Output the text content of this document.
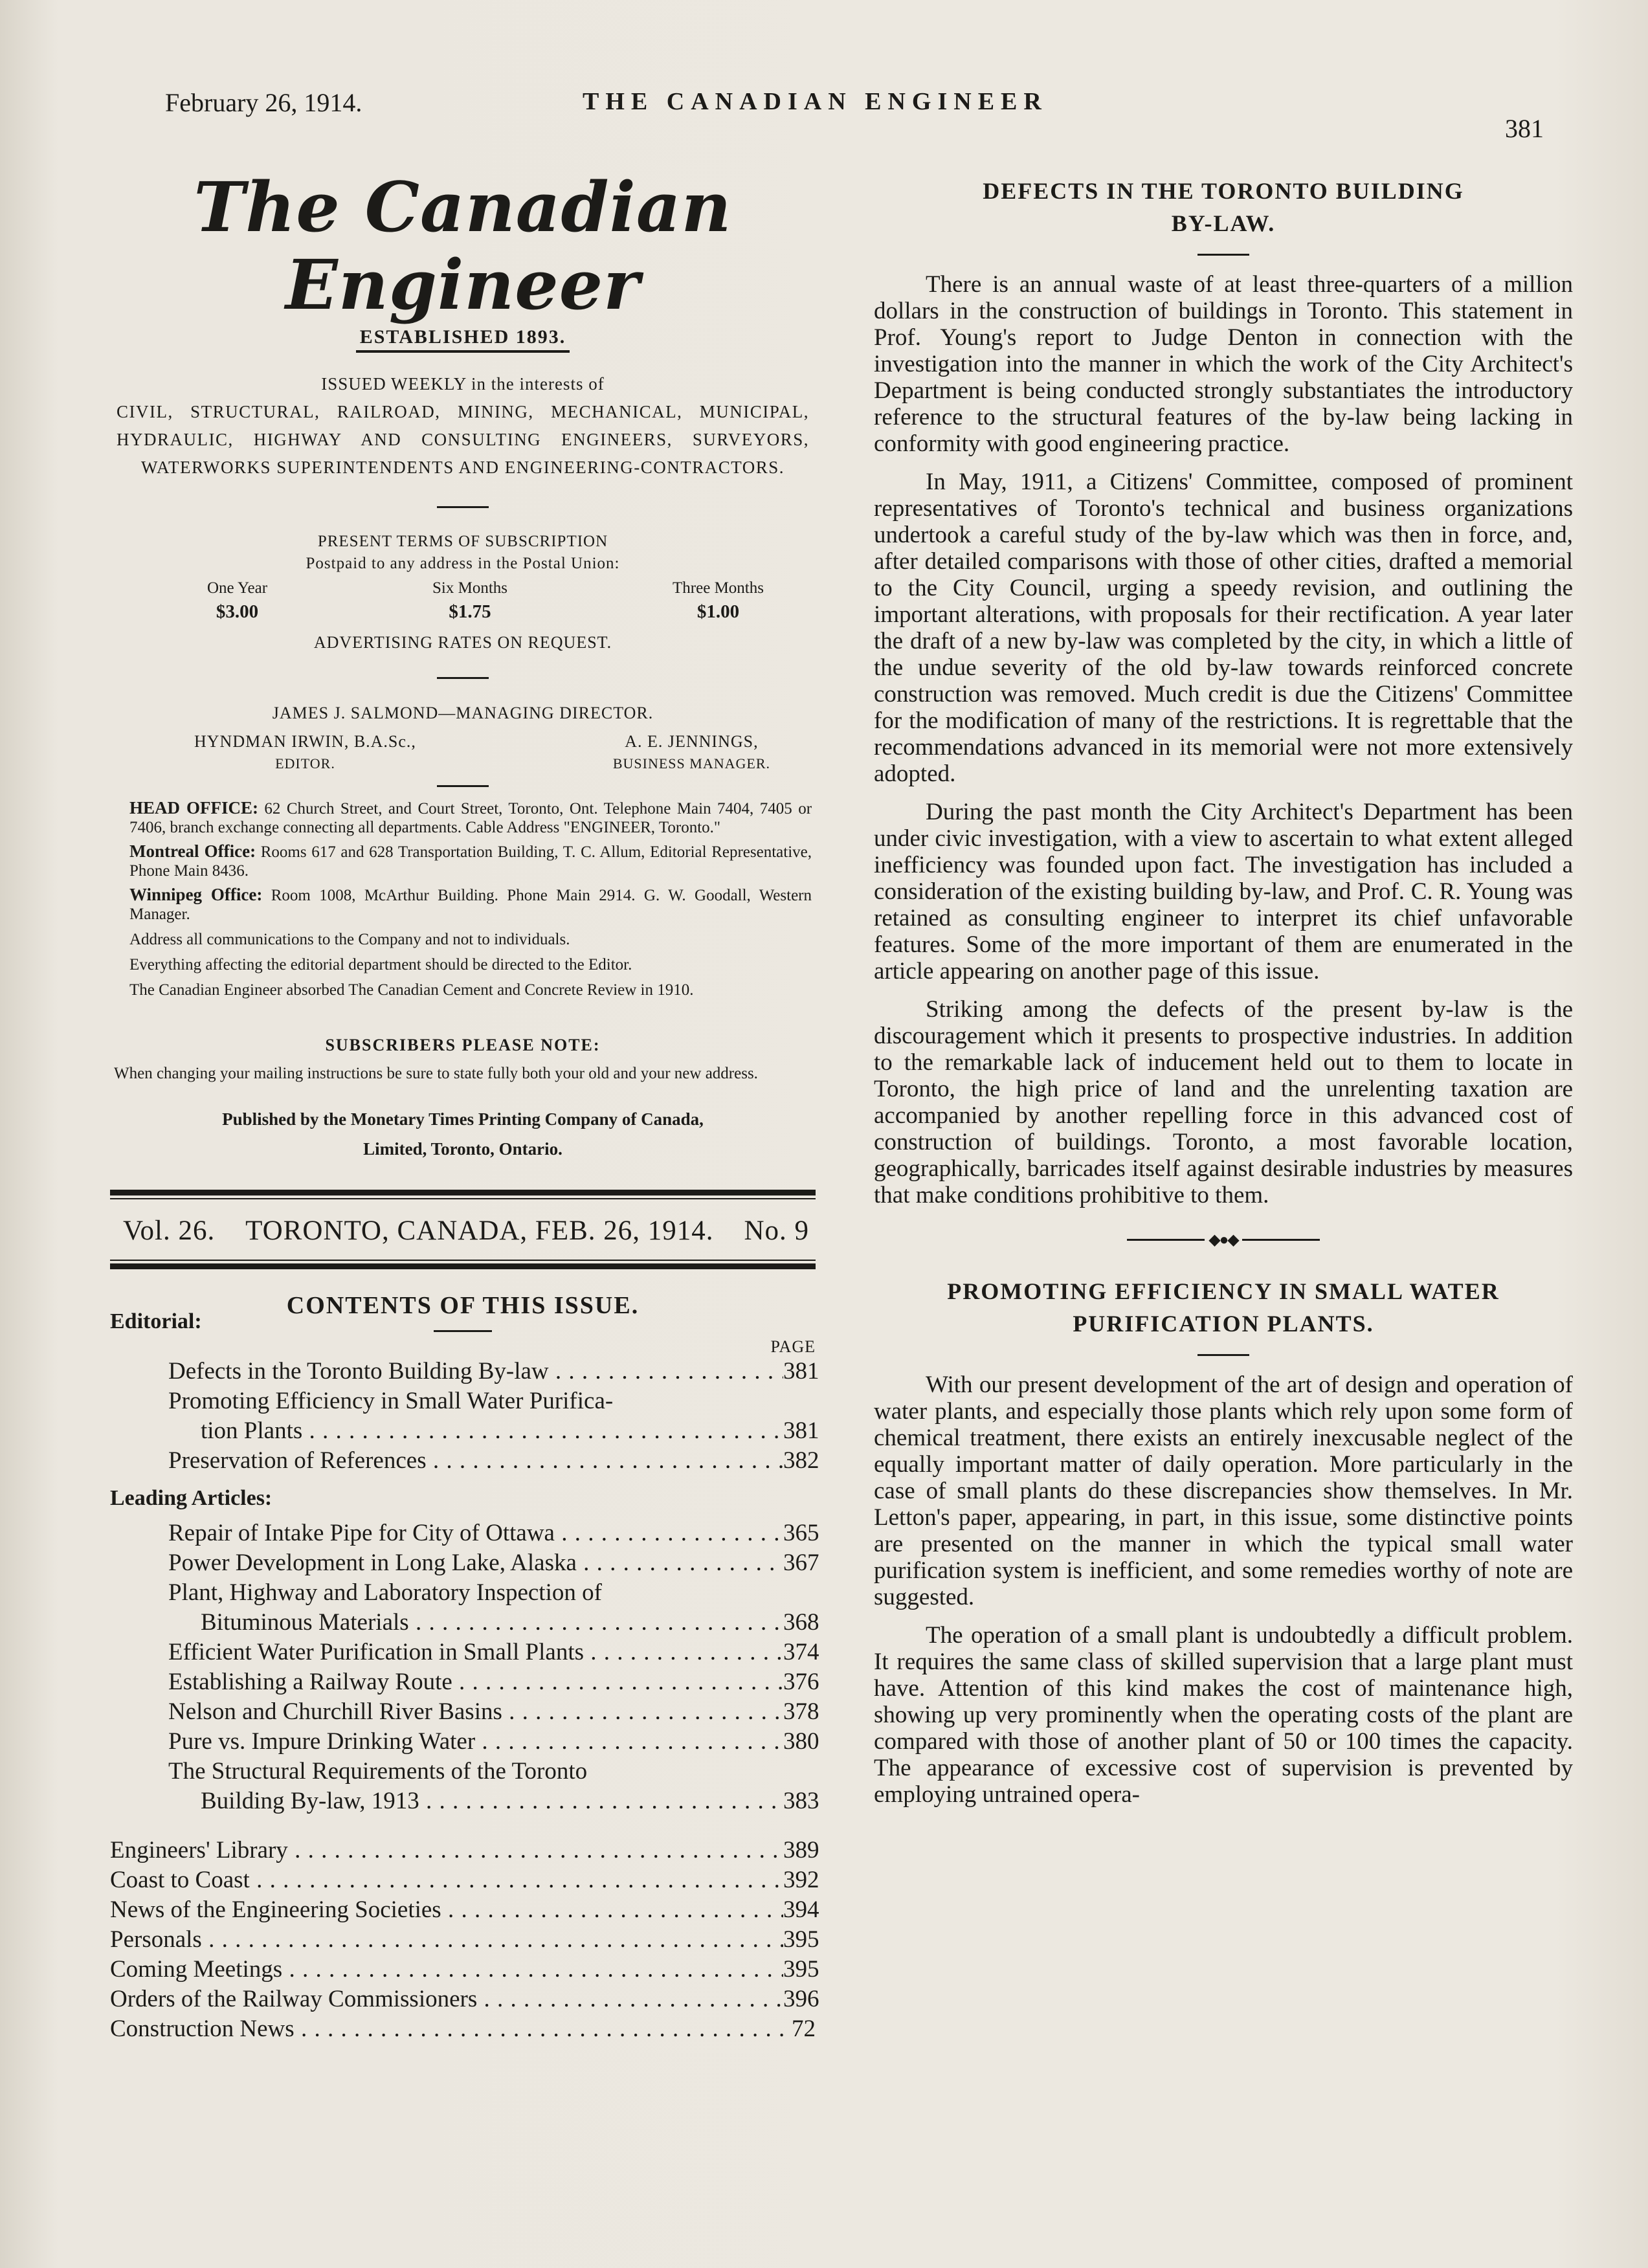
February 26, 1914.	THE CANADIAN ENGINEER
381
The Canadian Engineer
ESTABLISHED 1893.
ISSUED WEEKLY in the interests of
CIVIL, STRUCTURAL, RAILROAD, MINING, MECHANICAL, MUNICIPAL, HYDRAULIC, HIGHWAY AND CONSULTING ENGINEERS, SURVEYORS, WATERWORKS SUPERINTENDENTS AND ENGINEERING-CONTRACTORS.
PRESENT TERMS OF SUBSCRIPTION
Postpaid to any address in the Postal Union:
One Year
$3.00
Six Months
$1.75
Three Months
$1.00
ADVERTISING RATES ON REQUEST.
JAMES J. SALMOND—MANAGING DIRECTOR.
HYNDMAN IRWIN, B.A.Sc.,
EDITOR.
A. E. JENNINGS,
BUSINESS MANAGER.
HEAD OFFICE: 62 Church Street, and Court Street, Toronto, Ont. Telephone Main 7404, 7405 or 7406, branch exchange connecting all departments. Cable Address "ENGINEER, Toronto."
Montreal Office: Rooms 617 and 628 Transportation Building, T. C. Allum, Editorial Representative, Phone Main 8436.
Winnipeg Office: Room 1008, McArthur Building. Phone Main 2914. G. W. Goodall, Western Manager.
Address all communications to the Company and not to individuals.
Everything affecting the editorial department should be directed to the Editor.
The Canadian Engineer absorbed The Canadian Cement and Concrete Review in 1910.
SUBSCRIBERS PLEASE NOTE:
When changing your mailing instructions be sure to state fully both your old and your new address.
Published by the Monetary Times Printing Company of Canada,
Limited, Toronto, Ontario.
Vol. 26. TORONTO, CANADA, FEB. 26, 1914. No. 9
CONTENTS OF THIS ISSUE.
Editorial:
PAGE
Defects in the Toronto Building By-law . . .	381
Promoting Efficiency in Small Water Purifica-
tion Plants . . .	381
Preservation of References . . .	382
Leading Articles:
Repair of Intake Pipe for City of Ottawa . . .	365
Power Development in Long Lake, Alaska . . .	367
Plant, Highway and Laboratory Inspection of
Bituminous Materials . . .	368
Efficient Water Purification in Small Plants . . .	374
Establishing a Railway Route . . .	376
Nelson and Churchill River Basins . . .	378
Pure vs. Impure Drinking Water . . .	380
The Structural Requirements of the Toronto
Building By-law, 1913 . . .	383
Engineers' Library . . .	389
Coast to Coast . . .	392
News of the Engineering Societies . . .	394
Personals . . .	395
Coming Meetings . . .	395
Orders of the Railway Commissioners . . .	396
Construction News . . .	72
DEFECTS IN THE TORONTO BUILDING
BY-LAW.

There is an annual waste of at least three-quarters of a million dollars in the construction of buildings in Toronto. This statement in Prof. Young's report to Judge Denton in connection with the investigation into the manner in which the work of the City Architect's Department is being conducted strongly substantiates the introductory reference to the structural features of the by-law being lacking in conformity with good engineering practice.

In May, 1911, a Citizens' Committee, composed of prominent representatives of Toronto's technical and business organizations undertook a careful study of the by-law which was then in force, and, after detailed comparisons with those of other cities, drafted a memorial to the City Council, urging a speedy revision, and outlining the important alterations, with proposals for their rectification. A year later the draft of a new by-law was completed by the city, in which a little of the undue severity of the old by-law towards reinforced concrete construction was removed. Much credit is due the Citizens' Committee for the modification of many of the restrictions. It is regrettable that the recommendations advanced in its memorial were not more extensively adopted.

During the past month the City Architect's Department has been under civic investigation, with a view to ascertain to what extent alleged inefficiency was founded upon fact. The investigation has included a consideration of the existing building by-law, and Prof. C. R. Young was retained as consulting engineer to interpret its chief unfavorable features. Some of the more important of them are enumerated in the article appearing on another page of this issue.

Striking among the defects of the present by-law is the discouragement which it presents to prospective industries. In addition to the remarkable lack of inducement held out to them to locate in Toronto, the high price of land and the unrelenting taxation are accompanied by another repelling force in this advanced cost of construction of buildings. Toronto, a most favorable location, geographically, barricades itself against desirable industries by measures that make conditions prohibitive to them.

◆●◆
PROMOTING EFFICIENCY IN SMALL WATER
PURIFICATION PLANTS.

With our present development of the art of design and operation of water plants, and especially those plants which rely upon some form of chemical treatment, there exists an entirely inexcusable neglect of the equally important matter of daily operation. More particularly in the case of small plants do these discrepancies show themselves. In Mr. Letton's paper, appearing, in part, in this issue, some distinctive points are presented on the manner in which the typical small water purification system is inefficient, and some remedies worthy of note are suggested.

The operation of a small plant is undoubtedly a difficult problem. It requires the same class of skilled supervision that a large plant must have. Attention of this kind makes the cost of maintenance high, showing up very prominently when the operating costs of the plant are compared with those of another plant of 50 or 100 times the capacity. The appearance of excessive cost of supervision is prevented by employing untrained opera-
